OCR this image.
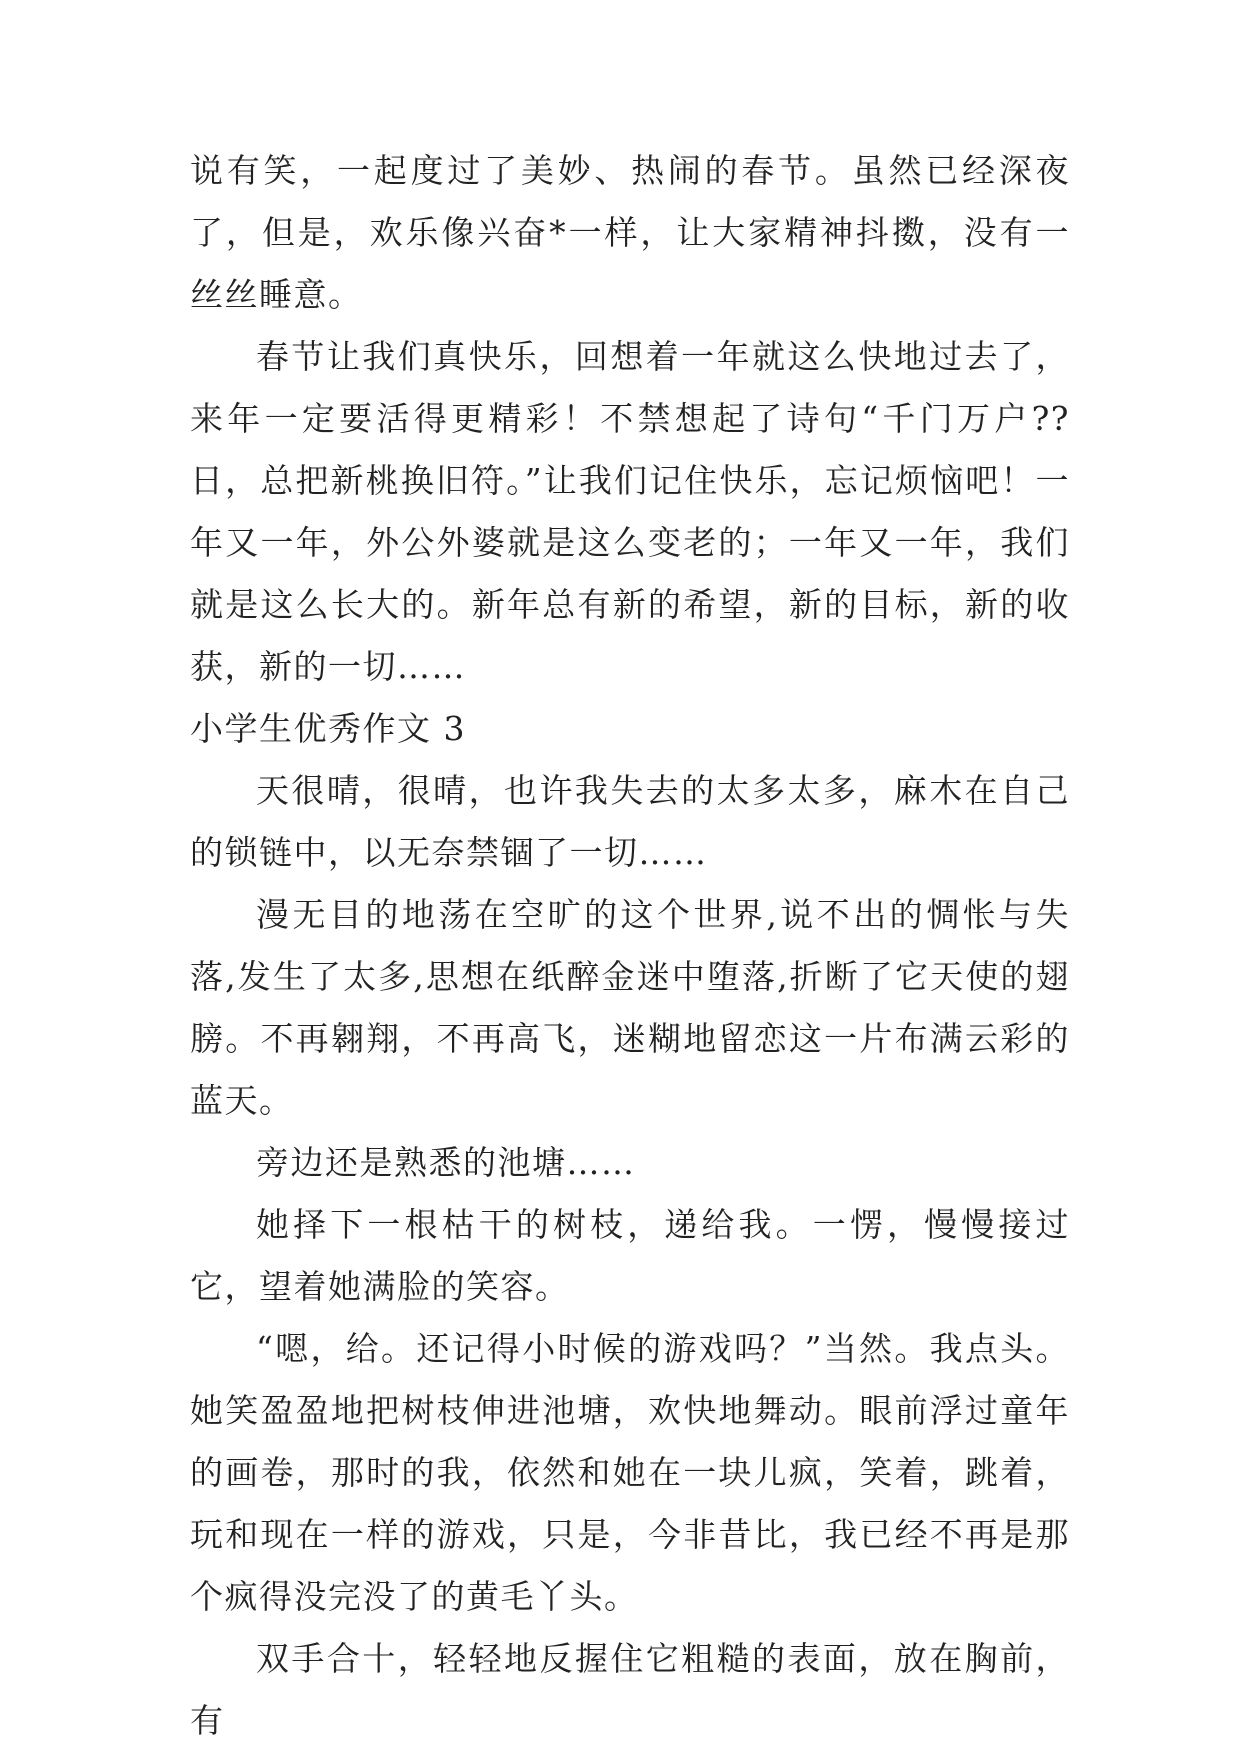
说有笑，一起度过了美妙、热闹的春节。虽然已经深夜了，但是，欢乐像兴奋*一样，让大家精神抖擞，没有一丝丝睡意。

春节让我们真快乐，回想着一年就这么快地过去了，来年一定要活得更精彩！不禁想起了诗句“千门万户??日，总把新桃换旧符。”让我们记住快乐，忘记烦恼吧！一年又一年，外公外婆就是这么变老的；一年又一年，我们就是这么长大的。新年总有新的希望，新的目标，新的收获，新的一切……

小学生优秀作文 3

天很晴，很晴，也许我失去的太多太多，麻木在自己的锁链中，以无奈禁锢了一切……

漫无目的地荡在空旷的这个世界,说不出的惆怅与失落,发生了太多,思想在纸醉金迷中堕落,折断了它天使的翅膀。不再翱翔，不再高飞，迷糊地留恋这一片布满云彩的蓝天。

旁边还是熟悉的池塘……

她择下一根枯干的树枝，递给我。一愣，慢慢接过它，望着她满脸的笑容。

“嗯，给。还记得小时候的游戏吗？”当然。我点头。她笑盈盈地把树枝伸进池塘，欢快地舞动。眼前浮过童年的画卷，那时的我，依然和她在一块儿疯，笑着，跳着，玩和现在一样的游戏，只是，今非昔比，我已经不再是那个疯得没完没了的黄毛丫头。

双手合十，轻轻地反握住它粗糙的表面，放在胸前，有
